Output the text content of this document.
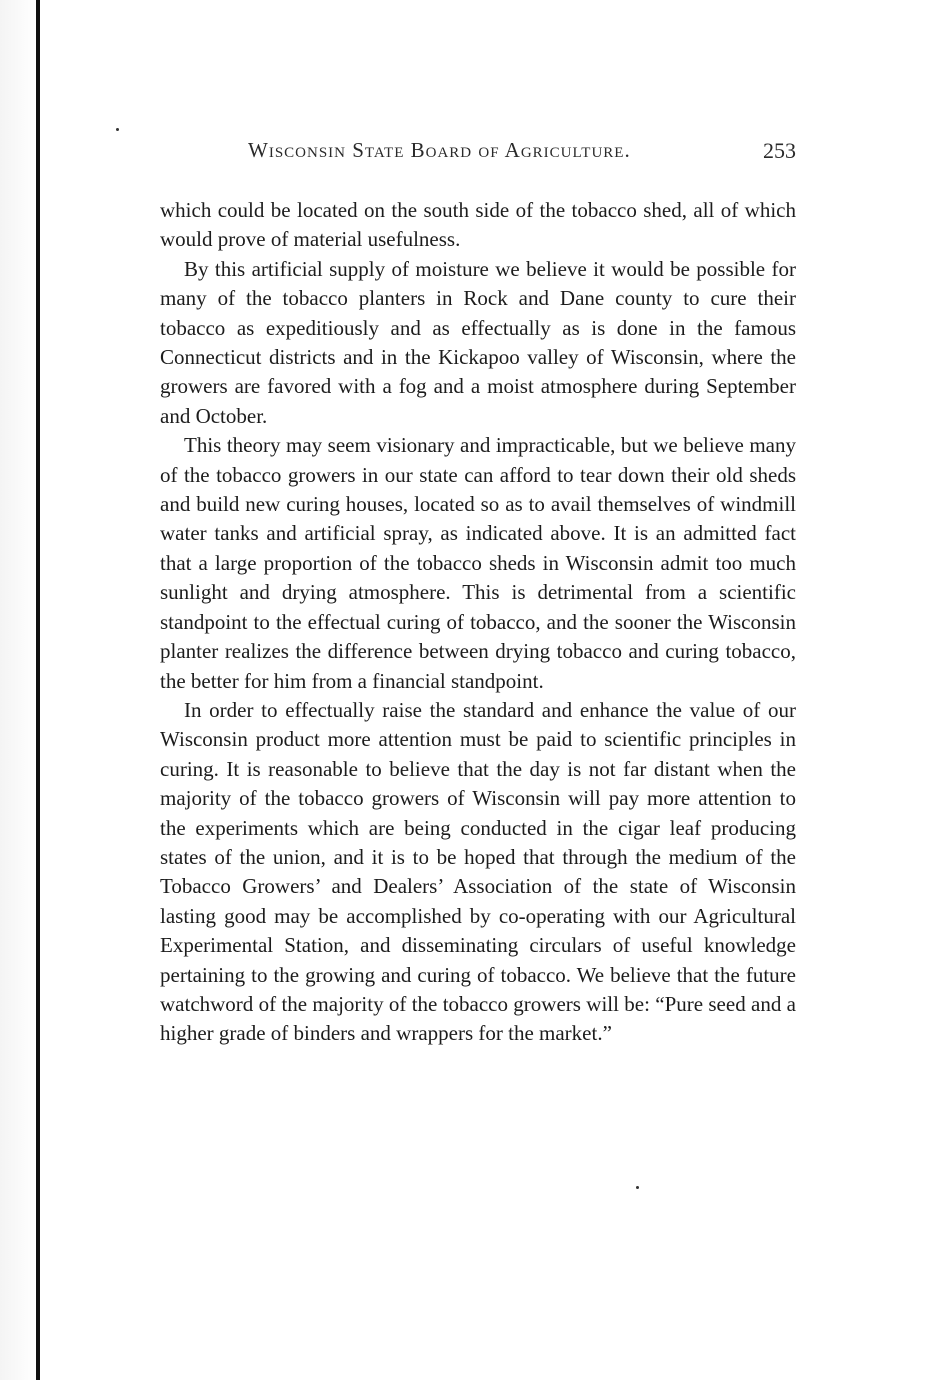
Wisconsin State Board of Agriculture.	253

which could be located on the south side of the tobacco shed, all of which would prove of material usefulness.

By this artificial supply of moisture we believe it would be possible for many of the tobacco planters in Rock and Dane county to cure their tobacco as expeditiously and as effectually as is done in the famous Connecticut districts and in the Kickapoo valley of Wisconsin, where the growers are favored with a fog and a moist atmosphere during September and October.

This theory may seem visionary and impracticable, but we believe many of the tobacco growers in our state can afford to tear down their old sheds and build new curing houses, located so as to avail themselves of windmill water tanks and artificial spray, as indicated above. It is an admitted fact that a large proportion of the tobacco sheds in Wisconsin admit too much sunlight and drying atmosphere. This is detrimental from a scientific standpoint to the effectual curing of tobacco, and the sooner the Wisconsin planter realizes the difference between drying tobacco and curing tobacco, the better for him from a financial standpoint.

In order to effectually raise the standard and enhance the value of our Wisconsin product more attention must be paid to scientific principles in curing. It is reasonable to believe that the day is not far distant when the majority of the tobacco growers of Wisconsin will pay more attention to the experiments which are being conducted in the cigar leaf producing states of the union, and it is to be hoped that through the medium of the Tobacco Growers’ and Dealers’ Association of the state of Wisconsin lasting good may be accomplished by co-operating with our Agricultural Experimental Station, and disseminating circulars of useful knowledge pertaining to the growing and curing of tobacco. We believe that the future watchword of the majority of the tobacco growers will be: “Pure seed and a higher grade of binders and wrappers for the market.”
